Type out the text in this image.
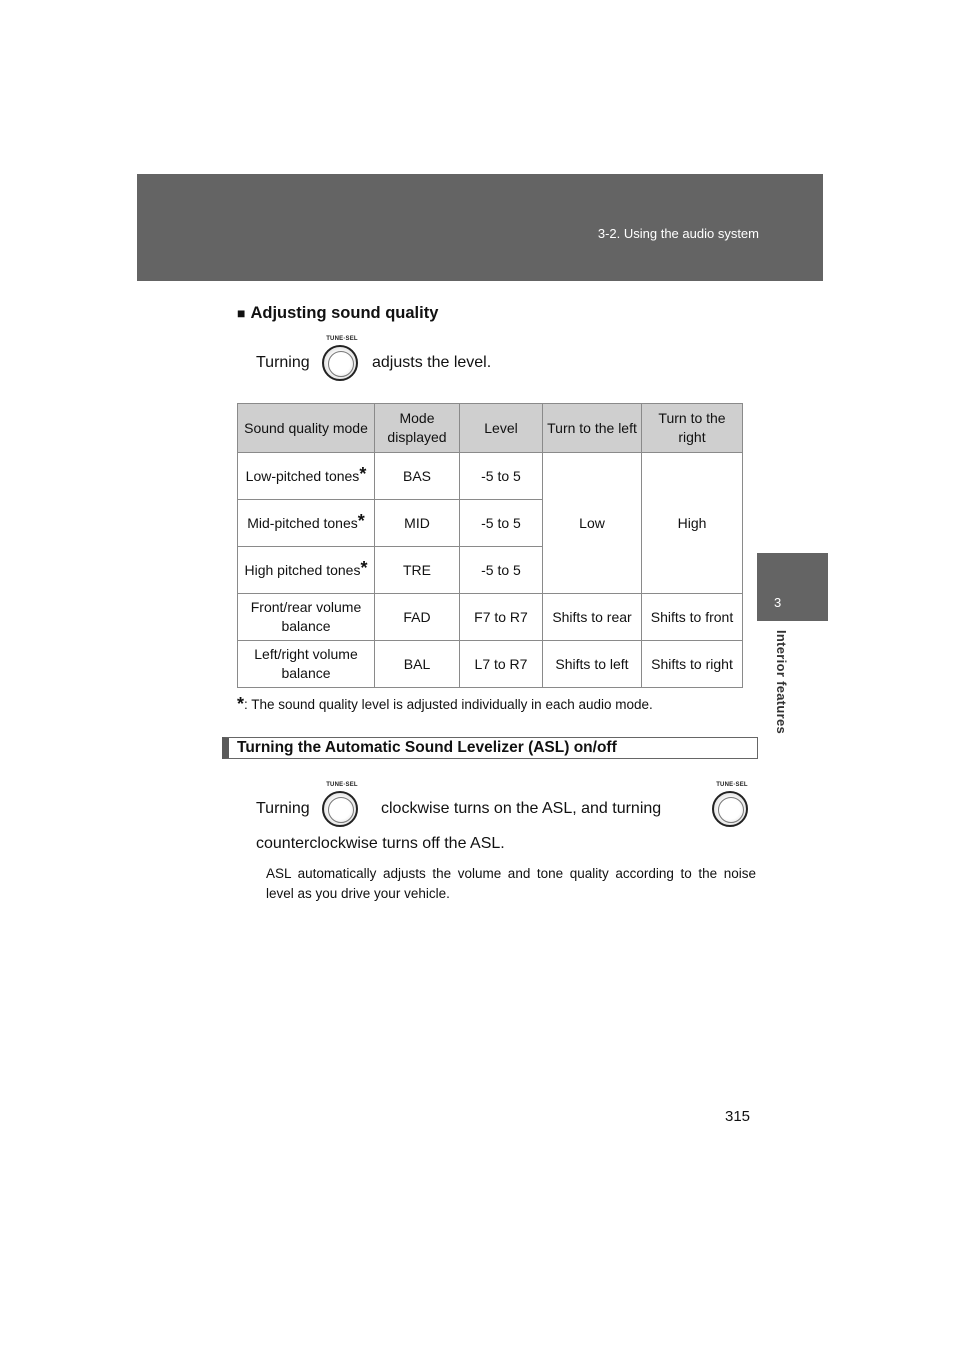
3-2. Using the audio system
3
Interior features
■ Adjusting sound quality
Turning
TUNE·SEL
adjusts the level.
Sound quality mode	Mode displayed	Level	Turn to the left	Turn to the right
Low-pitched tones*	BAS	-5 to 5	Low	High
Mid-pitched tones*	MID	-5 to 5		
High pitched tones*	TRE	-5 to 5		
Front/rear volume balance	FAD	F7 to R7	Shifts to rear	Shifts to front
Left/right volume balance	BAL	L7 to R7	Shifts to left	Shifts to right
*: The sound quality level is adjusted individually in each audio mode.
Turning the Automatic Sound Levelizer (ASL) on/off
Turning
TUNE·SEL
clockwise turns on the ASL, and turning
TUNE·SEL
counterclockwise turns off the ASL.
ASL automatically adjusts the volume and tone quality according to the noise level as you drive your vehicle.
315
